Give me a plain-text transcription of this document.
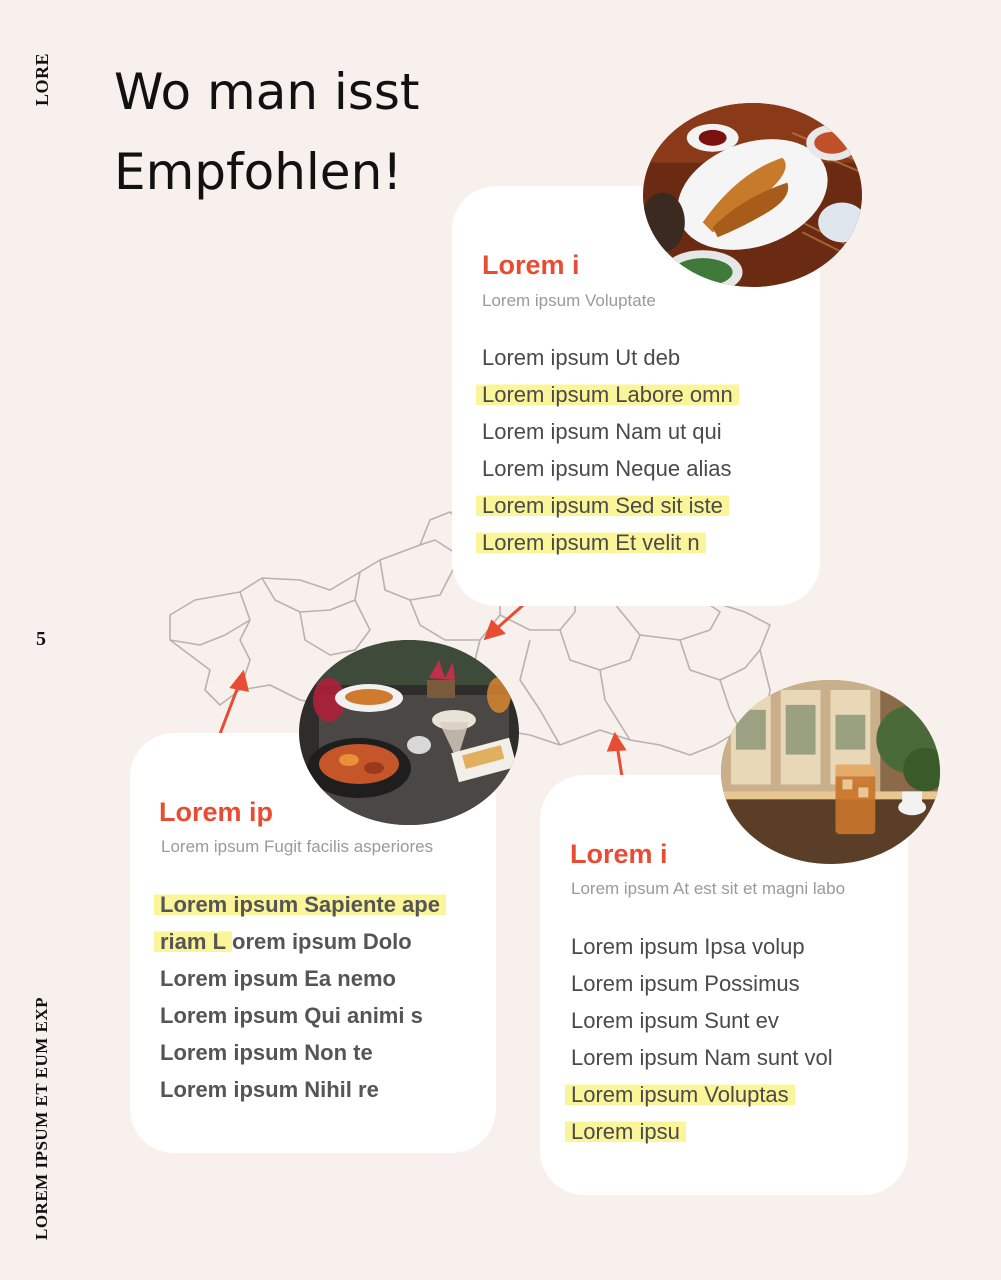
LORE
5
LOREM IPSUM ET EUM EXP
Wo man isst
Empfohlen!
Lorem i
Lorem ipsum Voluptate
Lorem ipsum Ut deb
Lorem ipsum Labore omn
Lorem ipsum Nam ut qui
Lorem ipsum Neque alias
Lorem ipsum Sed sit iste
Lorem ipsum Et velit n
Lorem ip
Lorem ipsum Fugit facilis asperiores
Lorem ipsum Sapiente ape
riam L orem ipsum Dolo
Lorem ipsum Ea nemo
Lorem ipsum Qui animi s
Lorem ipsum Non te
Lorem ipsum Nihil re
Lorem i
Lorem ipsum At est sit et magni labo
Lorem ipsum Ipsa volup
Lorem ipsum Possimus
Lorem ipsum Sunt ev
Lorem ipsum Nam sunt vol
Lorem ipsum Voluptas
Lorem ipsu
